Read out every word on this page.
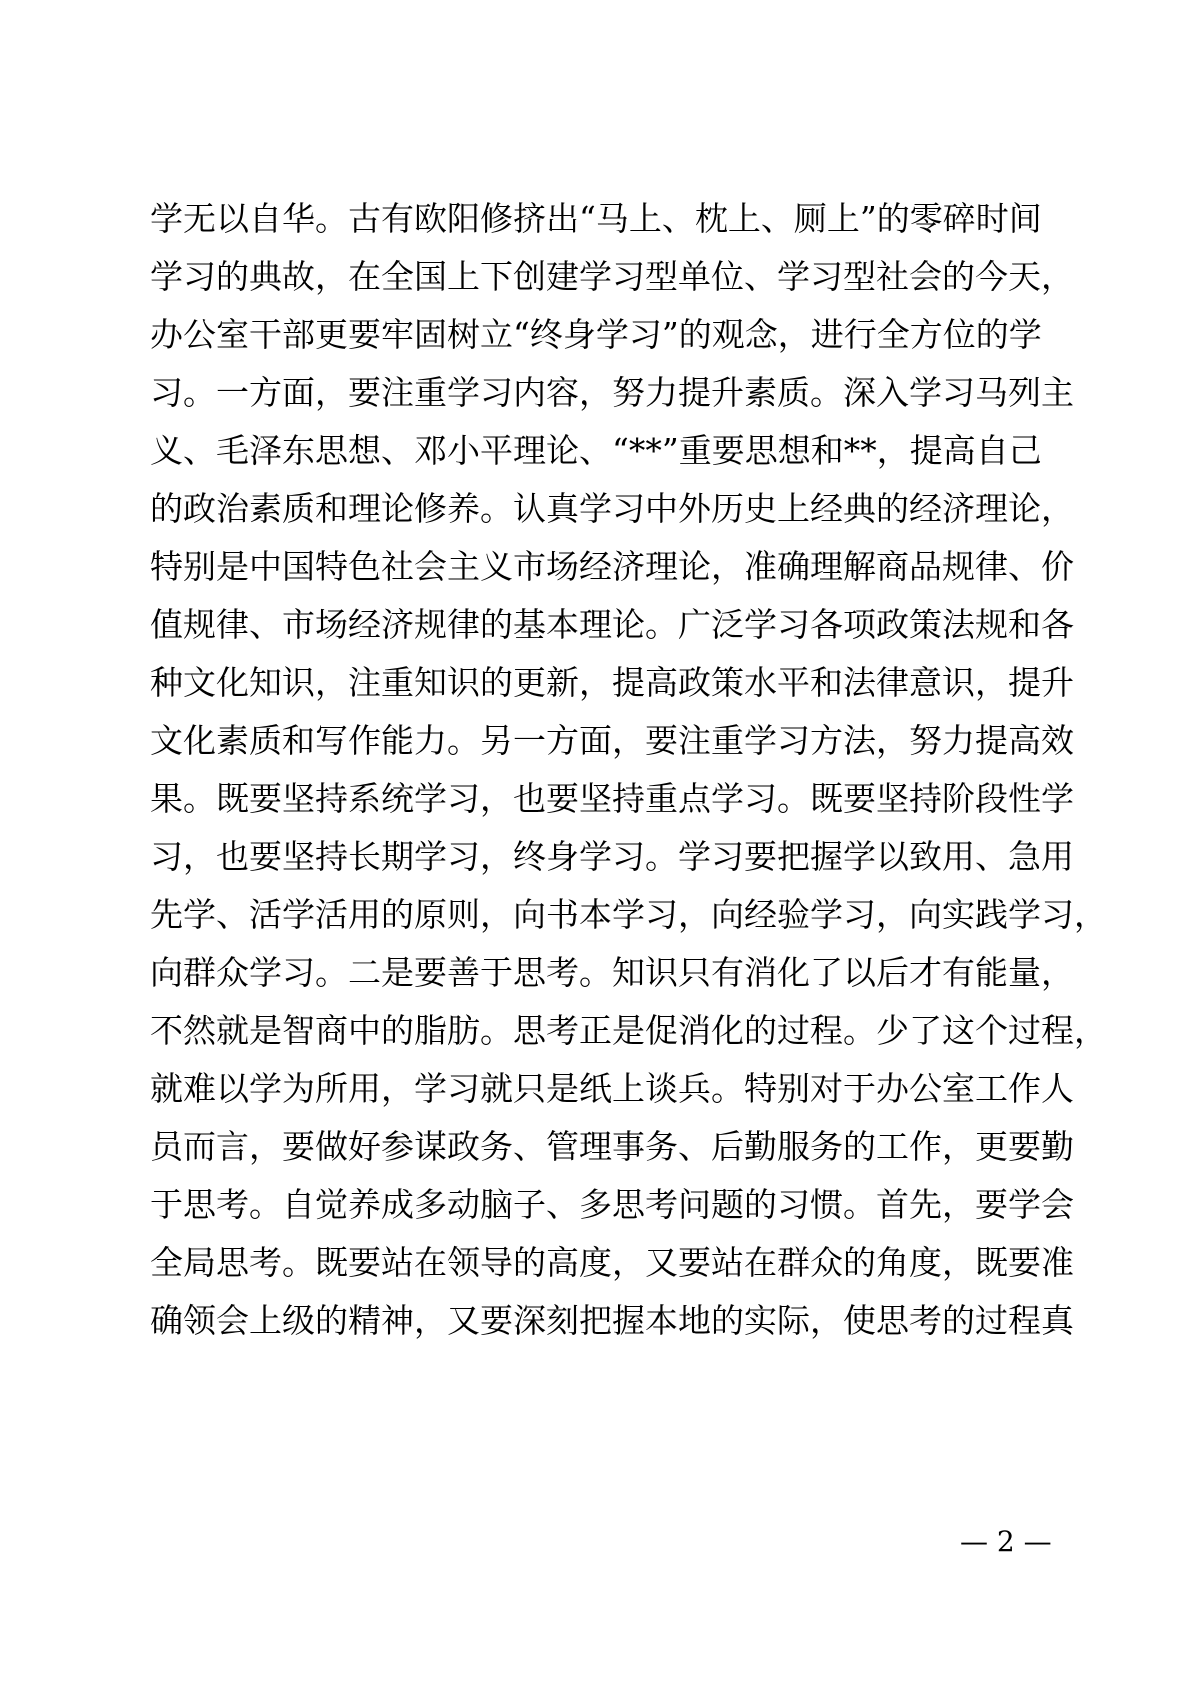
学无以自华。古有欧阳修挤出“马上、枕上、厕上”的零碎时间
学习的典故，在全国上下创建学习型单位、学习型社会的今天，
办公室干部更要牢固树立“终身学习”的观念，进行全方位的学
习。一方面，要注重学习内容，努力提升素质。深入学习马列主
义、毛泽东思想、邓小平理论、“**”重要思想和**，提高自己
的政治素质和理论修养。认真学习中外历史上经典的经济理论，
特别是中国特色社会主义市场经济理论，准确理解商品规律、价
值规律、市场经济规律的基本理论。广泛学习各项政策法规和各
种文化知识，注重知识的更新，提高政策水平和法律意识，提升
文化素质和写作能力。另一方面，要注重学习方法，努力提高效
果。既要坚持系统学习，也要坚持重点学习。既要坚持阶段性学
习，也要坚持长期学习，终身学习。学习要把握学以致用、急用
先学、活学活用的原则，向书本学习，向经验学习，向实践学习，
向群众学习。二是要善于思考。知识只有消化了以后才有能量，
不然就是智商中的脂肪。思考正是促消化的过程。少了这个过程，
就难以学为所用，学习就只是纸上谈兵。特别对于办公室工作人
员而言，要做好参谋政务、管理事务、后勤服务的工作，更要勤
于思考。自觉养成多动脑子、多思考问题的习惯。首先，要学会
全局思考。既要站在领导的高度，又要站在群众的角度，既要准
确领会上级的精神，又要深刻把握本地的实际，使思考的过程真
— 2 —
